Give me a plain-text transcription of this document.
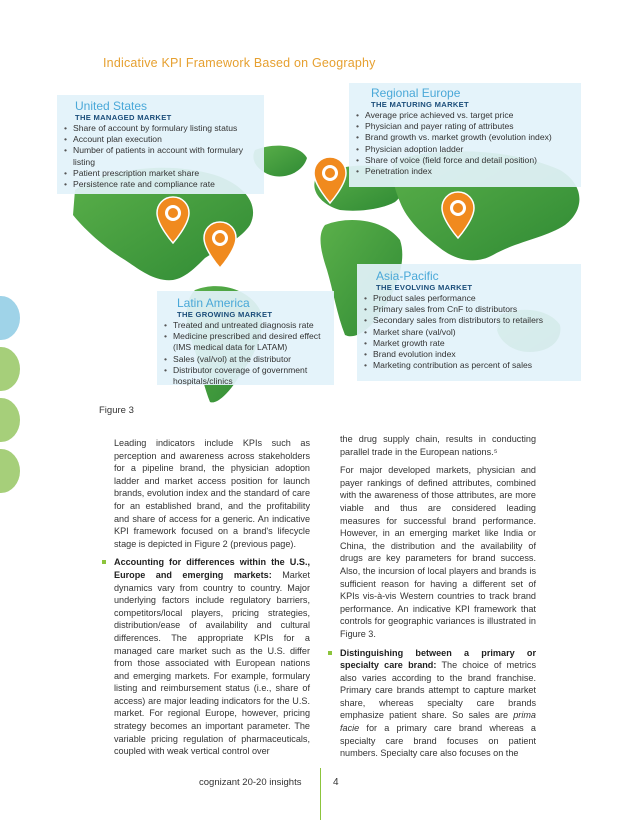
Indicative KPI Framework Based on Geography
United States
THE MANAGED MARKET
• Share of account by formulary listing status
• Account plan execution
• Number of patients in account with formulary listing
• Patient prescription market share
• Persistence rate and compliance rate
Regional Europe
THE MATURING MARKET
• Average price achieved vs. target price
• Physician and payer rating of attributes
• Brand growth vs. market growth (evolution index)
• Physician adoption ladder
• Share of voice (field force and detail position)
• Penetration index
Latin America
THE GROWING MARKET
• Treated and untreated diagnosis rate
• Medicine prescribed and desired effect (IMS medical data for LATAM)
• Sales (val/vol) at the distributor
• Distributor coverage of government hospitals/clinics
Asia-Pacific
THE EVOLVING MARKET
• Product sales performance
• Primary sales from CnF to distributors
• Secondary sales from distributors to retailers
• Market share (val/vol)
• Market growth rate
• Brand evolution index
• Marketing contribution as percent of sales
Figure 3

Leading indicators include KPIs such as perception and awareness across stakeholders for a pipeline brand, the physician adoption ladder and market access position for launch brands, evolution index and the standard of care for an established brand, and the profitability and share of access for a generic. An indicative KPI framework focused on a brand's lifecycle stage is depicted in Figure 2 (previous page).

Accounting for differences within the U.S., Europe and emerging markets: Market dynamics vary from country to country. Major underlying factors include regulatory barriers, competitors/local players, pricing strategies, distribution/ease of availability and cultural differences. The appropriate KPIs for a managed care market such as the U.S. differ from those associated with European nations and emerging markets. For example, formulary listing and reimbursement status (i.e., share of access) are major leading indicators for the U.S. market. For regional Europe, however, pricing strategy becomes an important parameter. The variable pricing regulation of pharmaceuticals, coupled with weak vertical control over

the drug supply chain, results in conducting parallel trade in the European nations.⁵

For major developed markets, physician and payer rankings of defined attributes, combined with the awareness of those attributes, are more viable and thus are considered leading measures for successful brand performance. However, in an emerging market like India or China, the distribution and the availability of drugs are key parameters for brand success. Also, the incursion of local players and brands is sufficient reason for having a different set of KPIs vis-à-vis Western countries to track brand performance. An indicative KPI framework that controls for geographic variances is illustrated in Figure 3.

Distinguishing between a primary or specialty care brand: The choice of metrics also varies according to the brand franchise. Primary care brands attempt to capture market share, whereas specialty care brands emphasize patient share. So sales are prima facie for a primary care brand whereas a specialty care brand focuses on patient numbers. Specialty care also focuses on the

cognizant 20-20 insights	4
